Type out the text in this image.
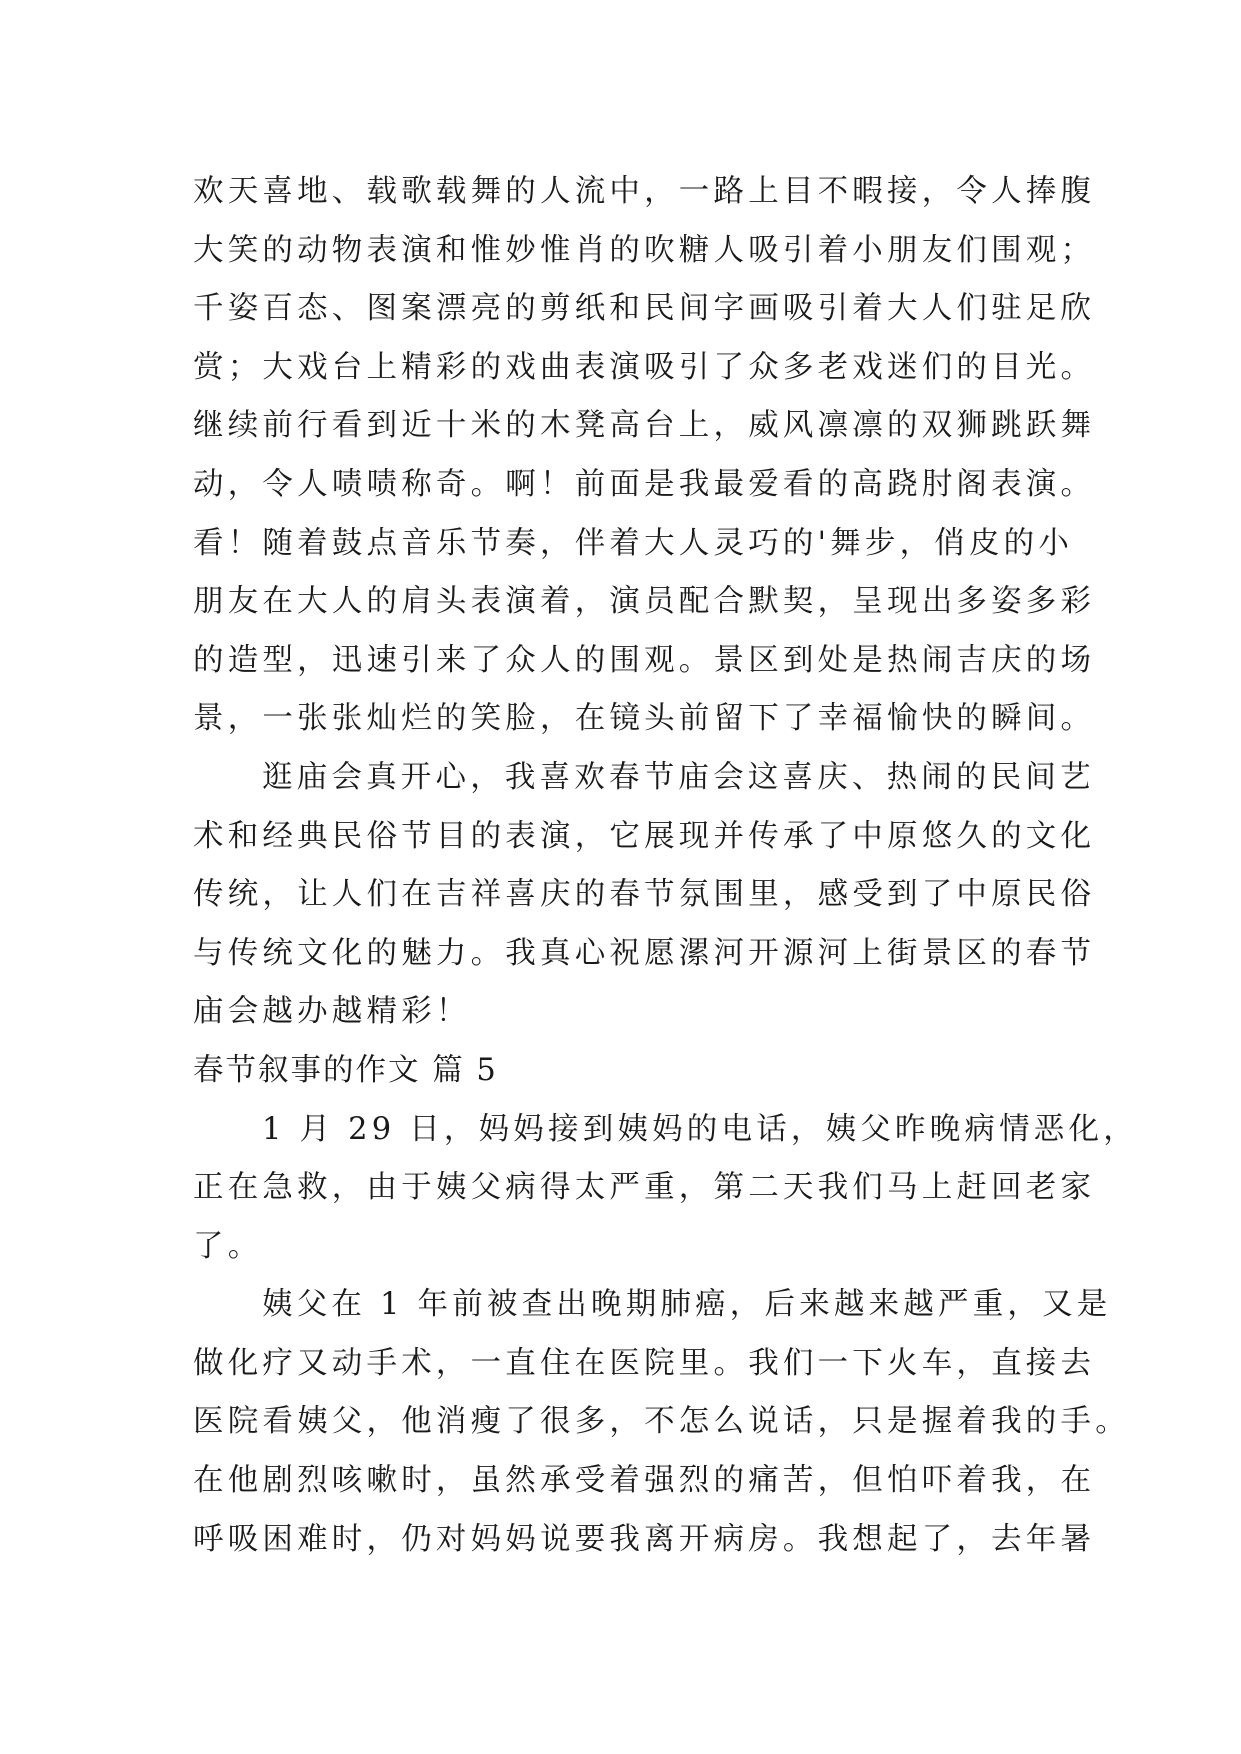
欢天喜地、载歌载舞的人流中，一路上目不暇接，令人捧腹
大笑的动物表演和惟妙惟肖的吹糖人吸引着小朋友们围观；
千姿百态、图案漂亮的剪纸和民间字画吸引着大人们驻足欣
赏；大戏台上精彩的戏曲表演吸引了众多老戏迷们的目光。
继续前行看到近十米的木凳高台上，威风凛凛的双狮跳跃舞
动，令人啧啧称奇。啊！前面是我最爱看的高跷肘阁表演。
看！随着鼓点音乐节奏，伴着大人灵巧的'舞步，俏皮的小
朋友在大人的肩头表演着，演员配合默契，呈现出多姿多彩
的造型，迅速引来了众人的围观。景区到处是热闹吉庆的场
景，一张张灿烂的笑脸，在镜头前留下了幸福愉快的瞬间。
逛庙会真开心，我喜欢春节庙会这喜庆、热闹的民间艺
术和经典民俗节目的表演，它展现并传承了中原悠久的文化
传统，让人们在吉祥喜庆的春节氛围里，感受到了中原民俗
与传统文化的魅力。我真心祝愿漯河开源河上街景区的春节
庙会越办越精彩！
春节叙事的作文 篇 5
1 月 29 日，妈妈接到姨妈的电话，姨父昨晚病情恶化，
正在急救，由于姨父病得太严重，第二天我们马上赶回老家
了。
姨父在 1 年前被查出晚期肺癌，后来越来越严重，又是
做化疗又动手术，一直住在医院里。我们一下火车，直接去
医院看姨父，他消瘦了很多，不怎么说话，只是握着我的手。
在他剧烈咳嗽时，虽然承受着强烈的痛苦，但怕吓着我，在
呼吸困难时，仍对妈妈说要我离开病房。我想起了，去年暑
